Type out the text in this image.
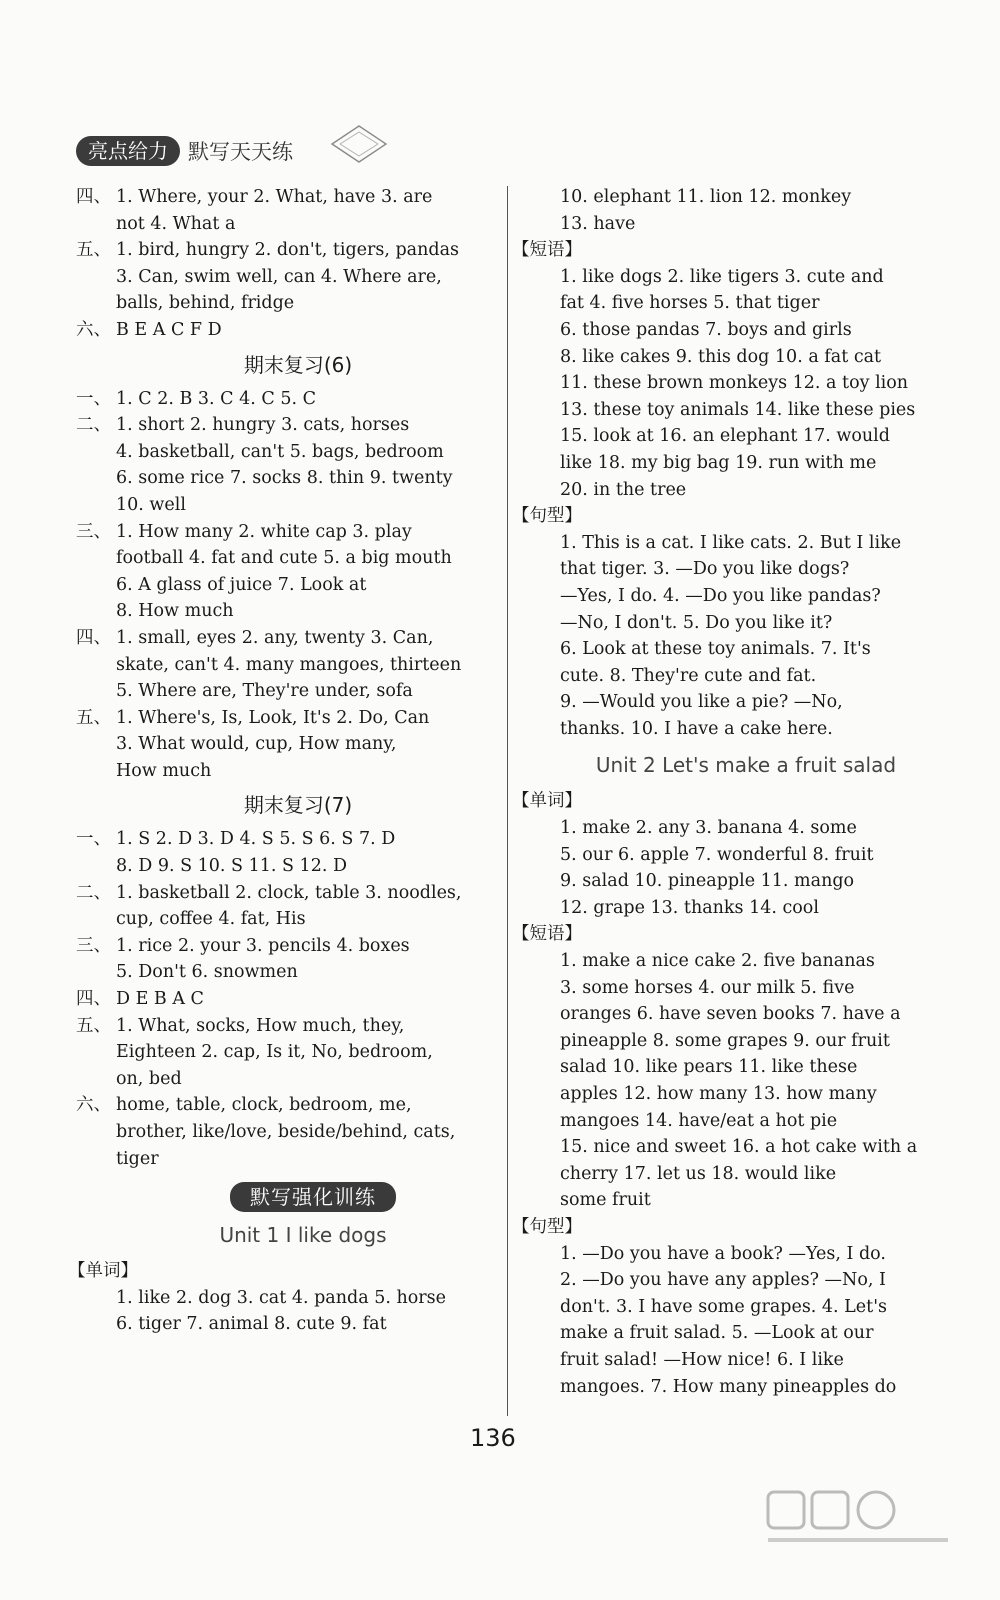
亮点给力 默写天天练
四、 1. Where, your 2. What, have 3. are
not 4. What a
五、 1. bird, hungry 2. don't, tigers, pandas
3. Can, swim well, can 4. Where are,
balls, behind, fridge
六、 B E A C F D
期末复习(6)
一、 1. C 2. B 3. C 4. C 5. C
二、 1. short 2. hungry 3. cats, horses
4. basketball, can't 5. bags, bedroom
6. some rice 7. socks 8. thin 9. twenty
10. well
三、 1. How many 2. white cap 3. play
football 4. fat and cute 5. a big mouth
6. A glass of juice 7. Look at
8. How much
四、 1. small, eyes 2. any, twenty 3. Can,
skate, can't 4. many mangoes, thirteen
5. Where are, They're under, sofa
五、 1. Where's, Is, Look, It's 2. Do, Can
3. What would, cup, How many,
How much
期末复习(7)
一、 1. S 2. D 3. D 4. S 5. S 6. S 7. D
8. D 9. S 10. S 11. S 12. D
二、 1. basketball 2. clock, table 3. noodles,
cup, coffee 4. fat, His
三、 1. rice 2. your 3. pencils 4. boxes
5. Don't 6. snowmen
四、 D E B A C
五、 1. What, socks, How much, they,
Eighteen 2. cap, Is it, No, bedroom,
on, bed
六、 home, table, clock, bedroom, me,
brother, like/love, beside/behind, cats,
tiger
默写强化训练
Unit 1 I like dogs
【单词】
1. like 2. dog 3. cat 4. panda 5. horse
6. tiger 7. animal 8. cute 9. fat
10. elephant 11. lion 12. monkey
13. have
【短语】
1. like dogs 2. like tigers 3. cute and
fat 4. five horses 5. that tiger
6. those pandas 7. boys and girls
8. like cakes 9. this dog 10. a fat cat
11. these brown monkeys 12. a toy lion
13. these toy animals 14. like these pies
15. look at 16. an elephant 17. would
like 18. my big bag 19. run with me
20. in the tree
【句型】
1. This is a cat. I like cats. 2. But I like
that tiger. 3. —Do you like dogs?
—Yes, I do. 4. —Do you like pandas?
—No, I don't. 5. Do you like it?
6. Look at these toy animals. 7. It's
cute. 8. They're cute and fat.
9. —Would you like a pie? —No,
thanks. 10. I have a cake here.
Unit 2 Let's make a fruit salad
【单词】
1. make 2. any 3. banana 4. some
5. our 6. apple 7. wonderful 8. fruit
9. salad 10. pineapple 11. mango
12. grape 13. thanks 14. cool
【短语】
1. make a nice cake 2. five bananas
3. some horses 4. our milk 5. five
oranges 6. have seven books 7. have a
pineapple 8. some grapes 9. our fruit
salad 10. like pears 11. like these
apples 12. how many 13. how many
mangoes 14. have/eat a hot pie
15. nice and sweet 16. a hot cake with a
cherry 17. let us 18. would like
some fruit
【句型】
1. —Do you have a book? —Yes, I do.
2. —Do you have any apples? —No, I
don't. 3. I have some grapes. 4. Let's
make a fruit salad. 5. —Look at our
fruit salad! —How nice! 6. I like
mangoes. 7. How many pineapples do
136
